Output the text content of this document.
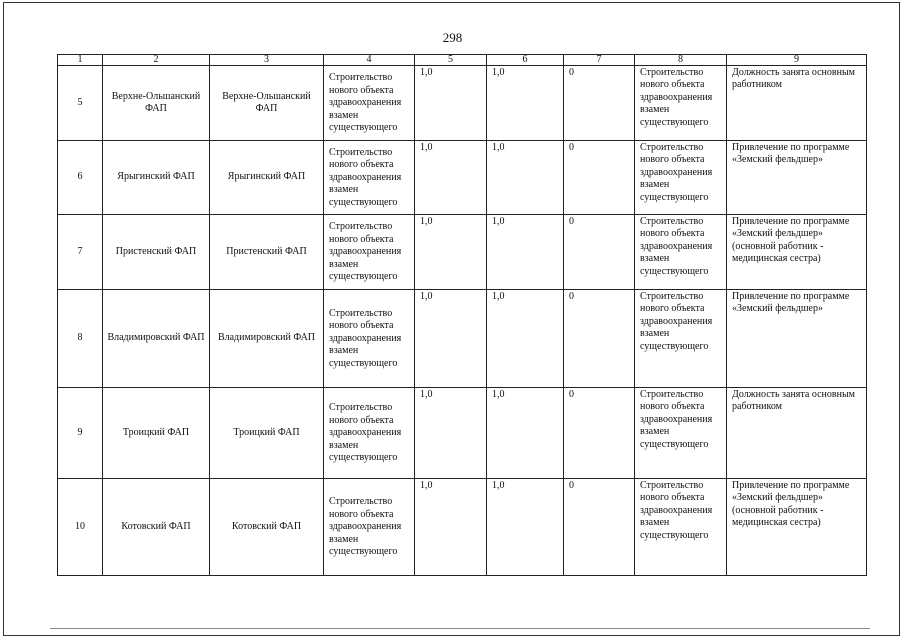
298
1	2	3	4	5	6	7	8	9
5	Верхне-Ольшанский ФАП	Верхне-Ольшанский ФАП	Строительство нового объекта здравоохранения взамен существующего	1,0	1,0	0	Строительство нового объекта здравоохранения взамен существующего	Должность занята основным работником

6	Ярыгинский ФАП	Ярыгинский ФАП	Строительство нового объекта здравоохранения взамен существующего	1,0	1,0	0	Строительство нового объекта здравоохранения взамен существующего	Привлечение по программе «Земский фельдшер»

7	Пристенский ФАП	Пристенский ФАП	Строительство нового объекта здравоохранения взамен существующего	1,0	1,0	0	Строительство нового объекта здравоохранения взамен существующего	Привлечение по программе «Земский фельдшер» (основной работник - медицинская сестра)

8	Владимировский ФАП	Владимировский ФАП	Строительство нового объекта здравоохранения взамен существующего	1,0	1,0	0	Строительство нового объекта здравоохранения взамен существующего	Привлечение по программе «Земский фельдшер»

9	Троицкий ФАП	Троицкий ФАП	Строительство нового объекта здравоохранения взамен существующего	1,0	1,0	0	Строительство нового объекта здравоохранения взамен существующего	Должность занята основным работником

10	Котовский ФАП	Котовский ФАП	Строительство нового объекта здравоохранения взамен существующего	1,0	1,0	0	Строительство нового объекта здравоохранения взамен существующего	Привлечение по программе «Земский фельдшер» (основной работник - медицинская сестра)
